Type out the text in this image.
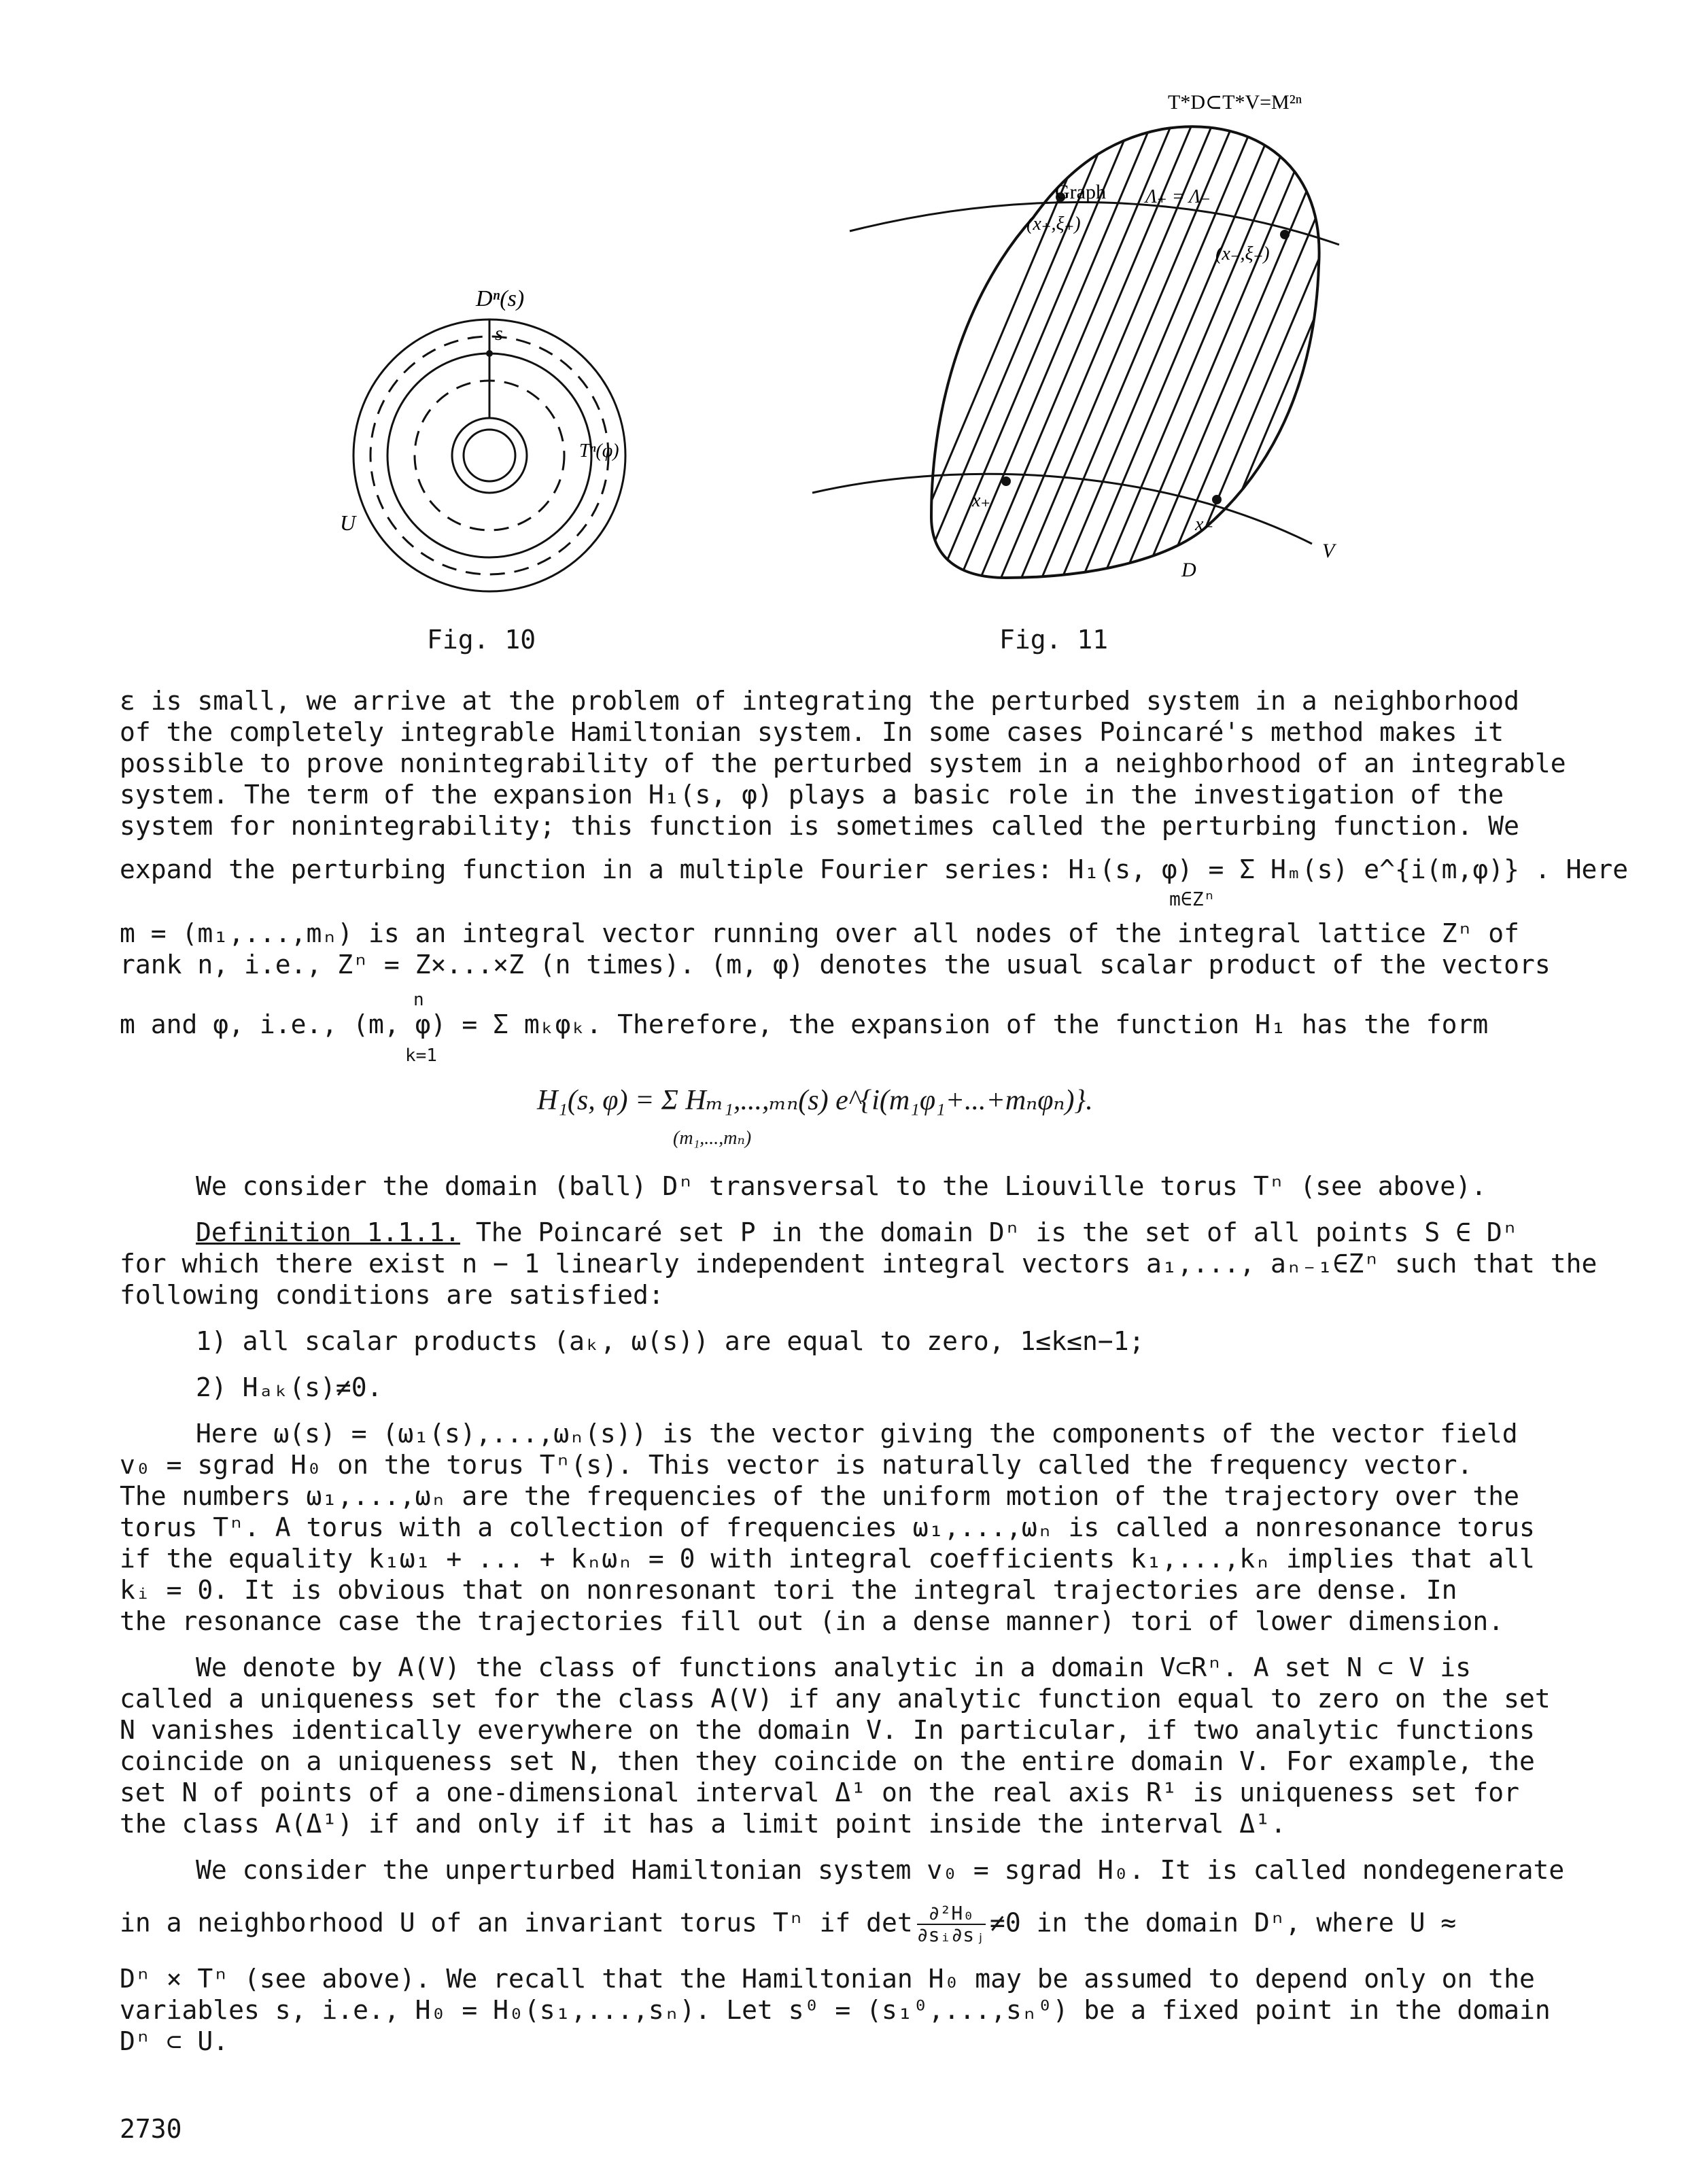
Dⁿ(s)
s
Tⁿ(φ)
U
Fig. 10
T*D⊂T*V=M²ⁿ
Graph Λ₊ = Λ₋
(x₊,ξ₊)
(x₋,ξ₋)
x₊
x₋
V
D
Fig. 11
ε is small, we arrive at the problem of integrating the perturbed system in a neighborhood
of the completely integrable Hamiltonian system. In some cases Poincaré's method makes it
possible to prove nonintegrability of the perturbed system in a neighborhood of an integrable
system. The term of the expansion H₁(s, φ) plays a basic role in the investigation of the
system for nonintegrability; this function is sometimes called the perturbing function. We
expand the perturbing function in a multiple Fourier series: H₁(s, φ) = Σ Hₘ(s) e^{i(m,φ)} . Here
m∈Zⁿ
m = (m₁,...,mₙ) is an integral vector running over all nodes of the integral lattice Zⁿ of
rank n, i.e., Zⁿ = Z×...×Z (n times). (m, φ) denotes the usual scalar product of the vectors
n
m and φ, i.e., (m, φ) = Σ mₖφₖ. Therefore, the expansion of the function H₁ has the form
k=1
H₁(s, φ) = Σ Hₘ₁,...,ₘₙ(s) e^{i(m₁φ₁+...+mₙφₙ)}.
(m₁,...,mₙ)
We consider the domain (ball) Dⁿ transversal to the Liouville torus Tⁿ (see above).
Definition 1.1.1. The Poincaré set P in the domain Dⁿ is the set of all points S ∈ Dⁿ
for which there exist n − 1 linearly independent integral vectors a₁,..., aₙ₋₁∈Zⁿ such that the
following conditions are satisfied:
1) all scalar products (aₖ, ω(s)) are equal to zero, 1≤k≤n−1;
2) Hₐₖ(s)≠0.
Here ω(s) = (ω₁(s),...,ωₙ(s)) is the vector giving the components of the vector field
v₀ = sgrad H₀ on the torus Tⁿ(s). This vector is naturally called the frequency vector.
The numbers ω₁,...,ωₙ are the frequencies of the uniform motion of the trajectory over the
torus Tⁿ. A torus with a collection of frequencies ω₁,...,ωₙ is called a nonresonance torus
if the equality k₁ω₁ + ... + kₙωₙ = 0 with integral coefficients k₁,...,kₙ implies that all
kᵢ = 0. It is obvious that on nonresonant tori the integral trajectories are dense. In
the resonance case the trajectories fill out (in a dense manner) tori of lower dimension.
We denote by A(V) the class of functions analytic in a domain V⊂Rⁿ. A set N ⊂ V is
called a uniqueness set for the class A(V) if any analytic function equal to zero on the set
N vanishes identically everywhere on the domain V. In particular, if two analytic functions
coincide on a uniqueness set N, then they coincide on the entire domain V. For example, the
set N of points of a one-dimensional interval Δ¹ on the real axis R¹ is uniqueness set for
the class A(Δ¹) if and only if it has a limit point inside the interval Δ¹.
We consider the unperturbed Hamiltonian system v₀ = sgrad H₀. It is called nondegenerate
in a neighborhood U of an invariant torus Tⁿ if $\det \frac{\text{∂²H₀}}{\text{∂sᵢ∂sⱼ}} \ne 0$ in the domain Dⁿ, where U ≈
Dⁿ × Tⁿ (see above). We recall that the Hamiltonian H₀ may be assumed to depend only on the
variables s, i.e., H₀ = H₀(s₁,...,sₙ). Let s⁰ = (s₁⁰,...,sₙ⁰) be a fixed point in the domain
Dⁿ ⊂ U.
2730
